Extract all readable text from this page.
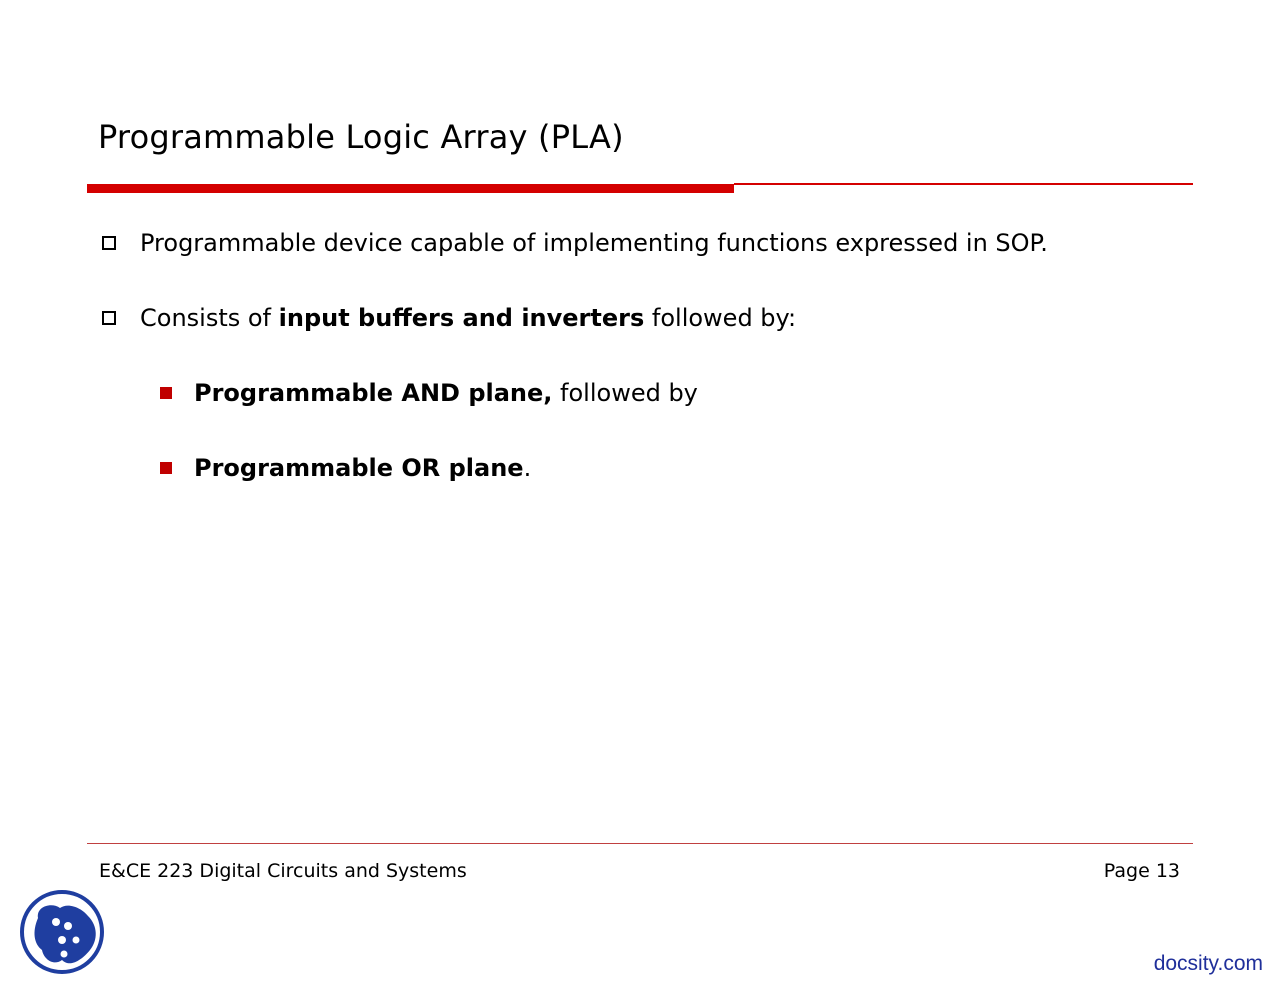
Programmable Logic Array (PLA)
Programmable device capable of implementing functions expressed in SOP.
Consists of input buffers and inverters followed by:
Programmable AND plane, followed by
Programmable OR plane .
E&CE 223 Digital Circuits and Systems	Page 13
docsity.com
